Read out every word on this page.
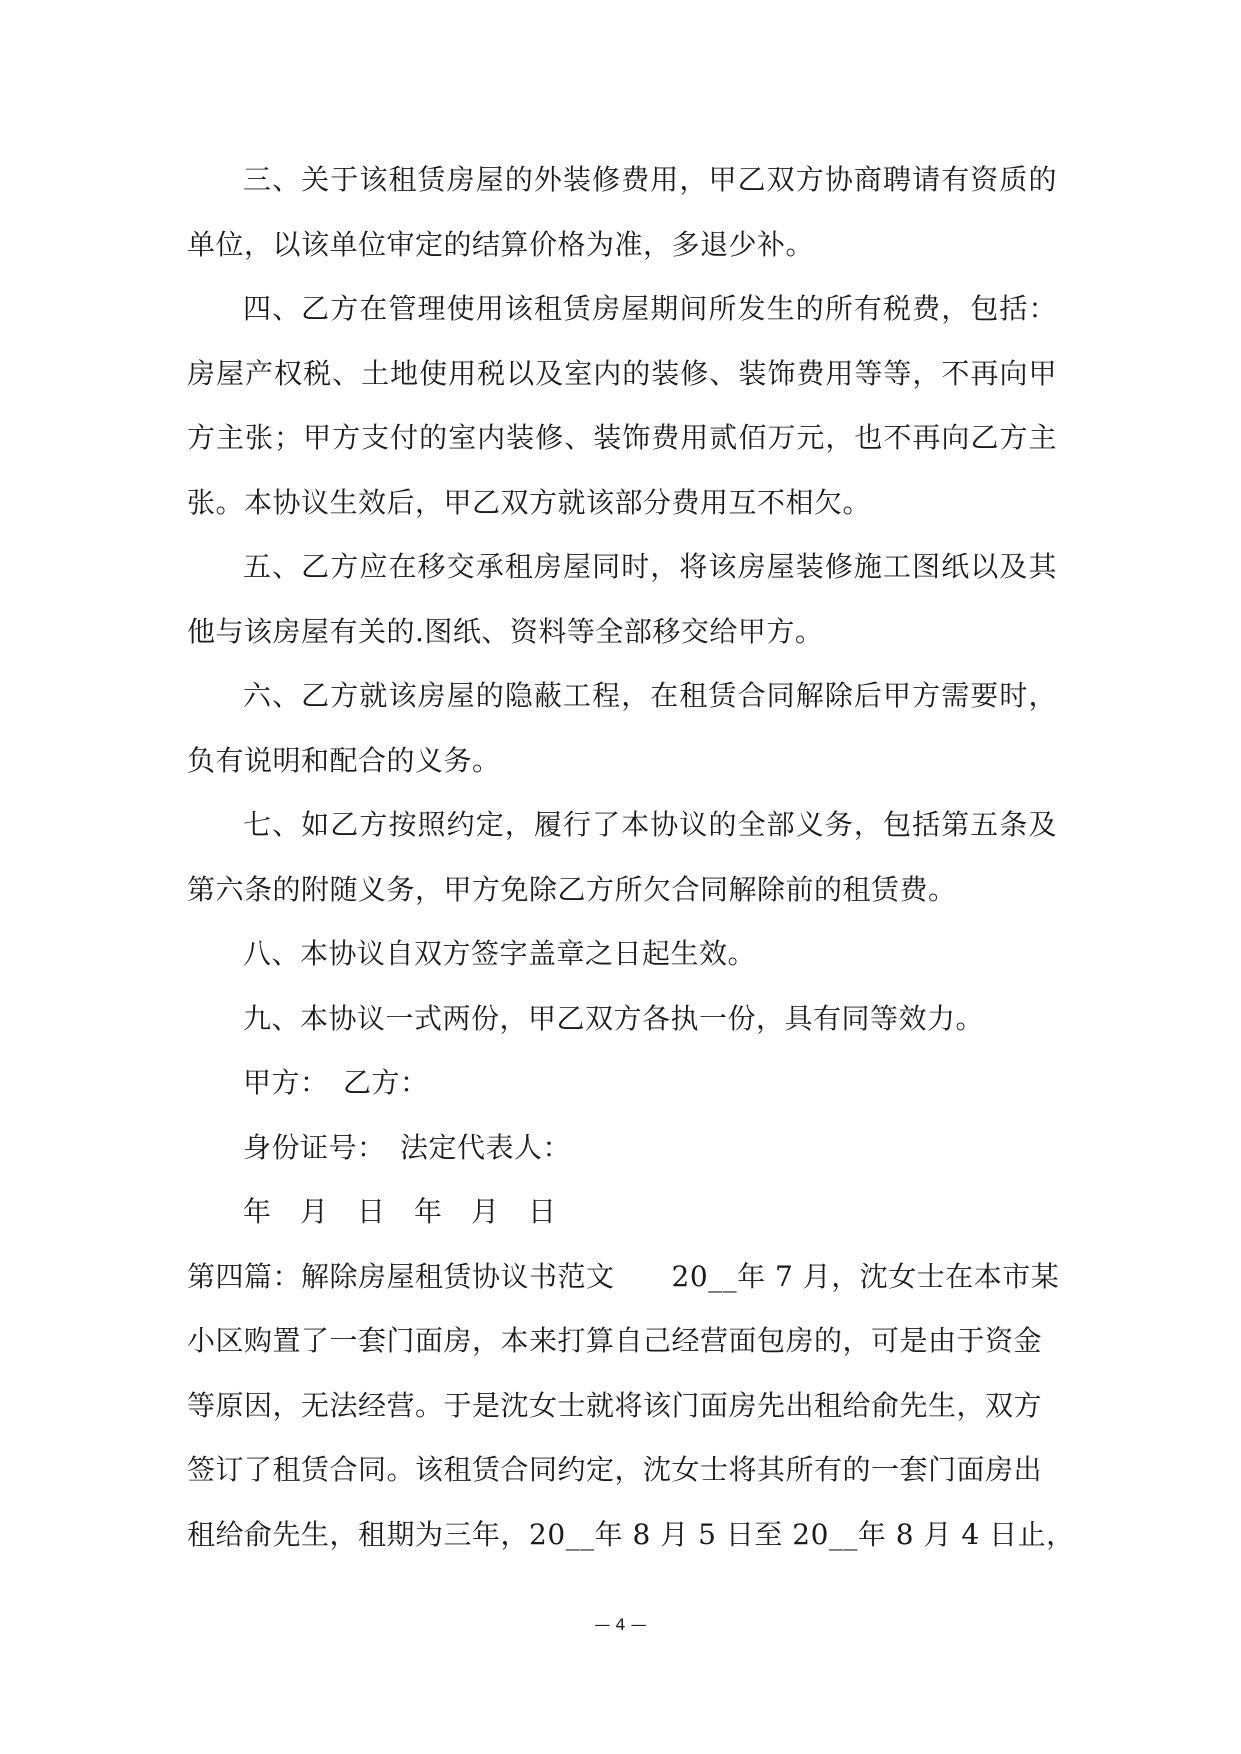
三、关于该租赁房屋的外装修费用，甲乙双方协商聘请有资质的单位，以该单位审定的结算价格为准，多退少补。

四、乙方在管理使用该租赁房屋期间所发生的所有税费，包括：房屋产权税、土地使用税以及室内的装修、装饰费用等等，不再向甲方主张；甲方支付的室内装修、装饰费用贰佰万元，也不再向乙方主张。本协议生效后，甲乙双方就该部分费用互不相欠。

五、乙方应在移交承租房屋同时，将该房屋装修施工图纸以及其他与该房屋有关的.图纸、资料等全部移交给甲方。

六、乙方就该房屋的隐蔽工程，在租赁合同解除后甲方需要时，负有说明和配合的义务。

七、如乙方按照约定，履行了本协议的全部义务，包括第五条及第六条的附随义务，甲方免除乙方所欠合同解除前的租赁费。

八、本协议自双方签字盖章之日起生效。

九、本协议一式两份，甲乙双方各执一份，具有同等效力。

甲方：　乙方：

身份证号：　法定代表人：

年　月　日　年　月　日

第四篇：解除房屋租赁协议书范文　　20__年 7 月，沈女士在本市某
小区购置了一套门面房，本来打算自己经营面包房的，可是由于资金
等原因，无法经营。于是沈女士就将该门面房先出租给俞先生，双方
签订了租赁合同。该租赁合同约定，沈女士将其所有的一套门面房出
租给俞先生，租期为三年，20__年 8 月 5 日至 20__年 8 月 4 日止，

— 4 —
